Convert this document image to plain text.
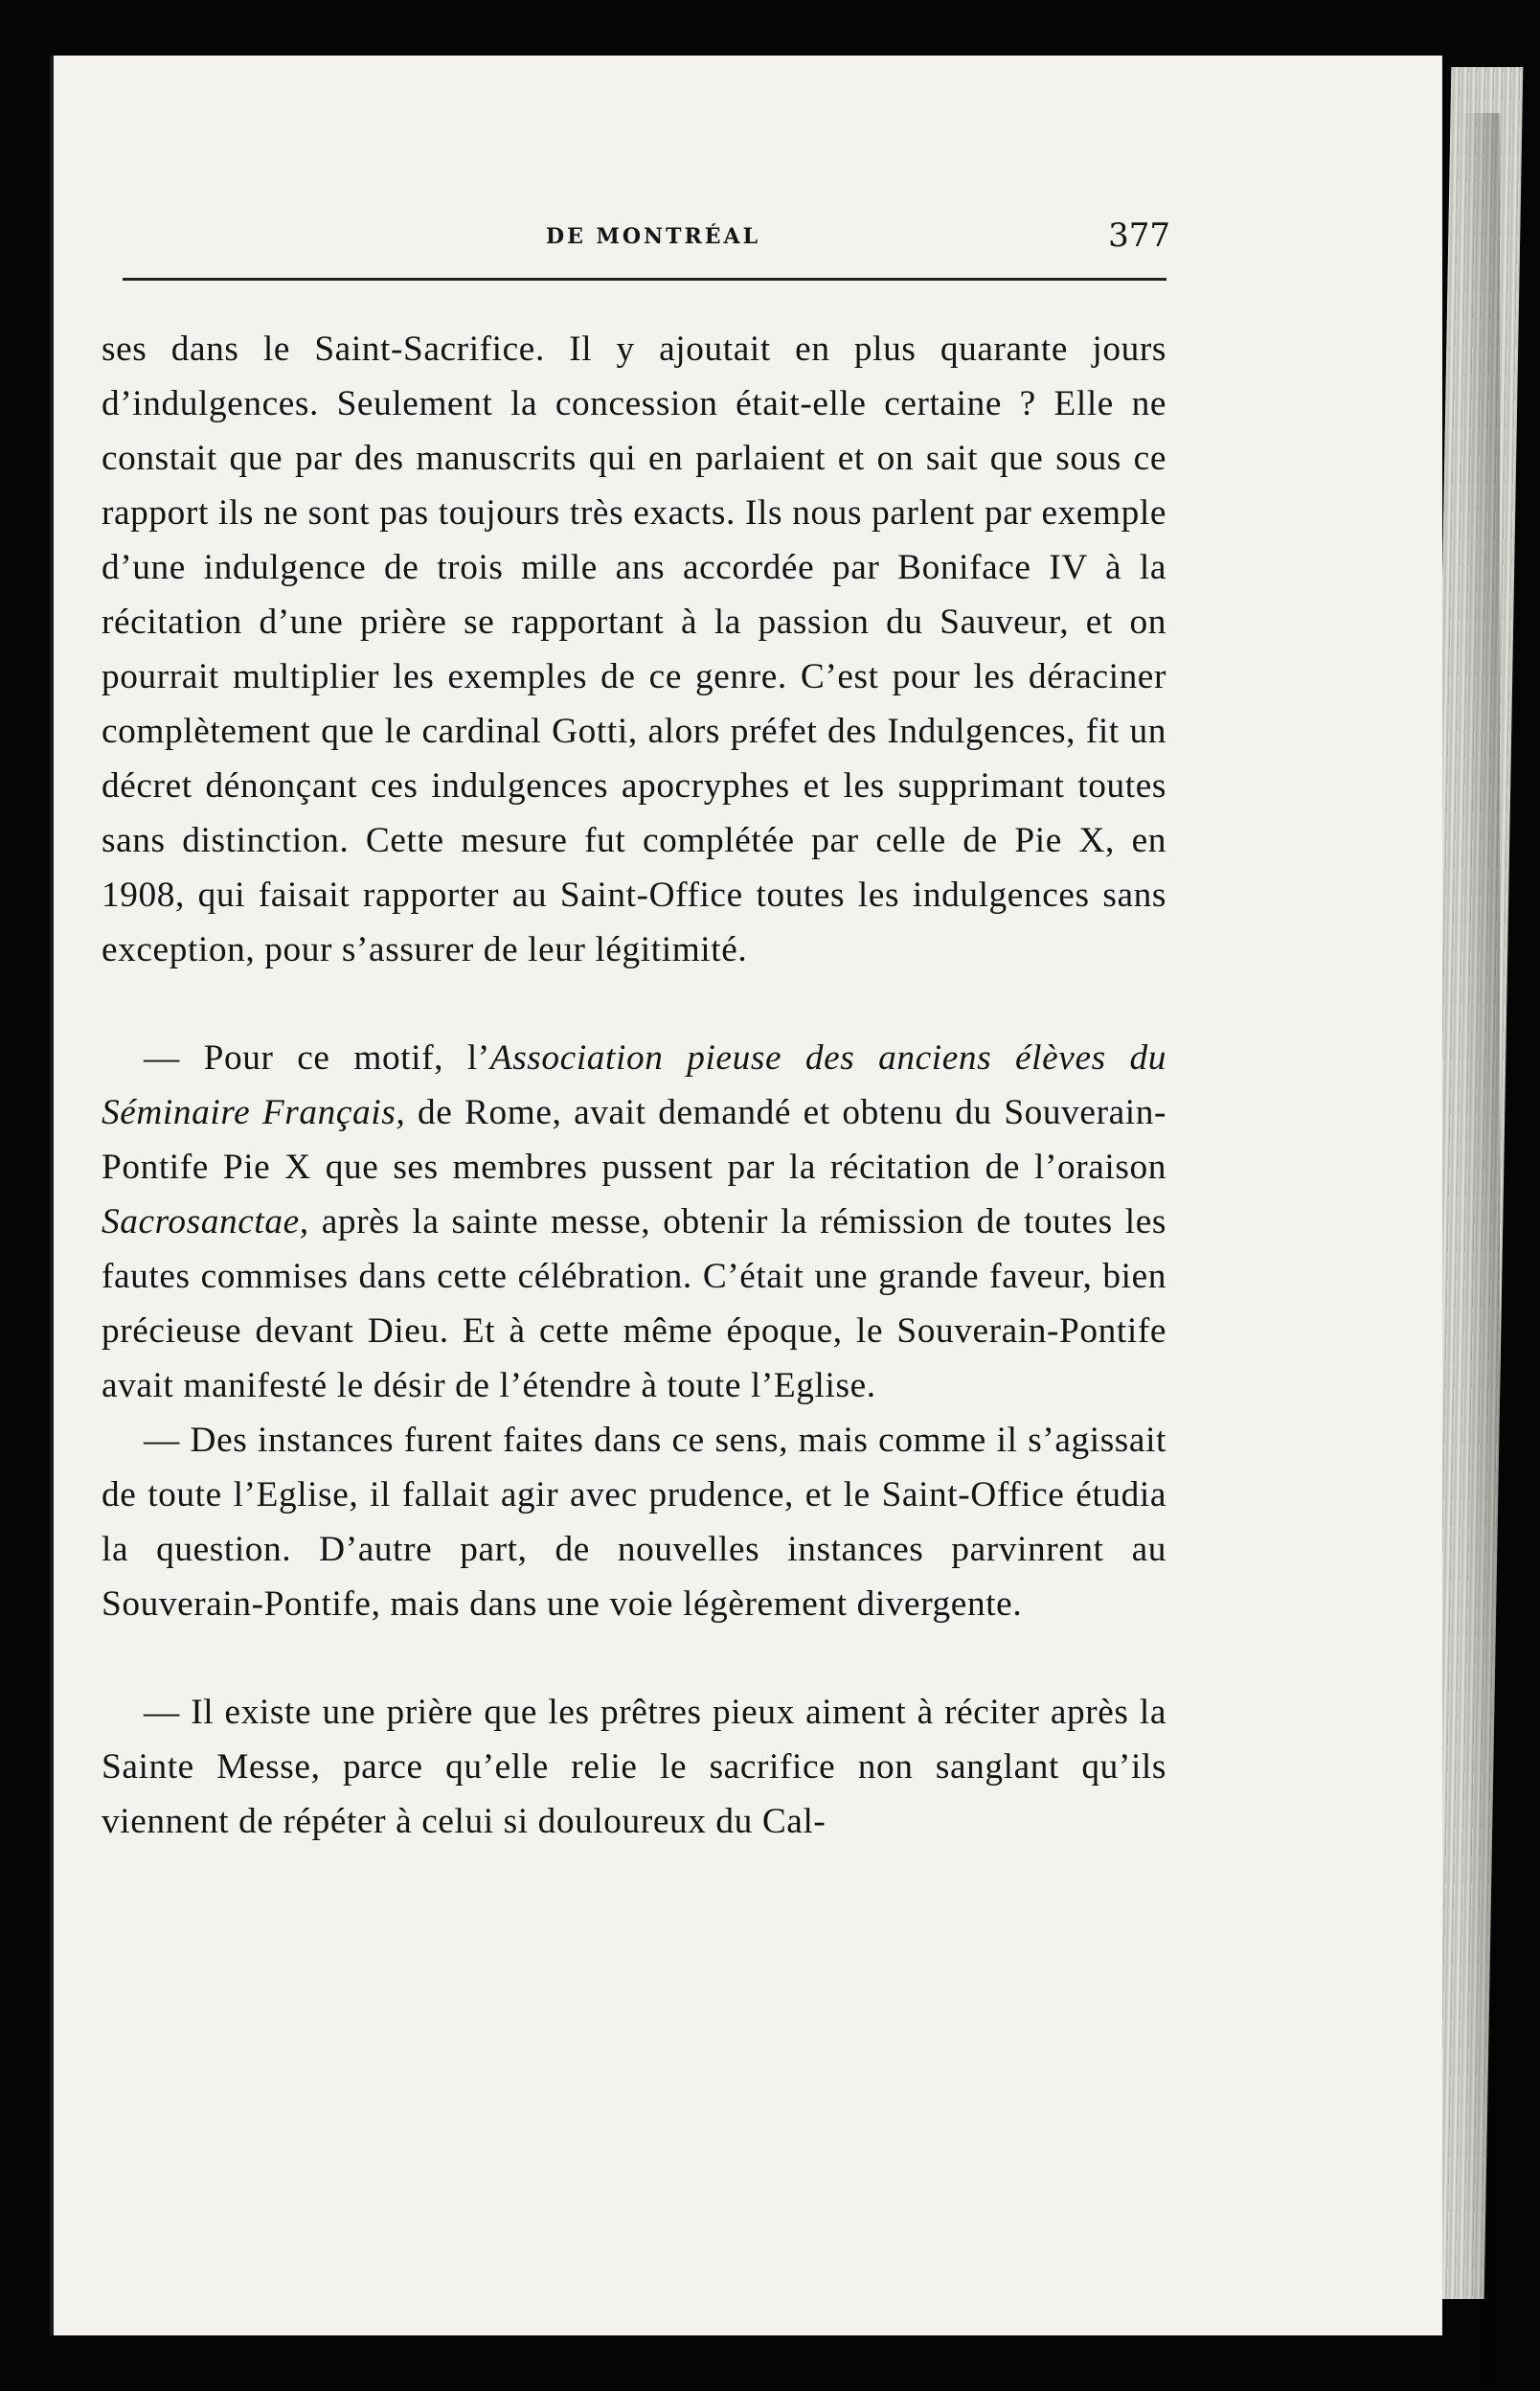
DE MONTRÉAL	377

ses dans le Saint-Sacrifice. Il y ajoutait en plus quarante jours d’indulgences. Seulement la concession était-elle certaine ? Elle ne constait que par des manuscrits qui en parlaient et on sait que sous ce rapport ils ne sont pas toujours très exacts. Ils nous parlent par exemple d’une indulgence de trois mille ans accordée par Boniface IV à la récitation d’une prière se rapportant à la passion du Sauveur, et on pourrait multiplier les exemples de ce genre. C’est pour les déraciner complètement que le cardinal Gotti, alors préfet des Indulgences, fit un décret dénonçant ces indulgences apocryphes et les supprimant toutes sans distinction. Cette mesure fut complétée par celle de Pie X, en 1908, qui faisait rapporter au Saint-Office toutes les indulgences sans exception, pour s’assurer de leur légitimité.

— Pour ce motif, l’Association pieuse des anciens élèves du Séminaire Français, de Rome, avait demandé et obtenu du Souverain-Pontife Pie X que ses membres pussent par la récitation de l’oraison Sacrosanctae, après la sainte messe, obtenir la rémission de toutes les fautes commises dans cette célébration. C’était une grande faveur, bien précieuse devant Dieu. Et à cette même époque, le Souverain-Pontife avait manifesté le désir de l’étendre à toute l’Eglise.

— Des instances furent faites dans ce sens, mais comme il s’agissait de toute l’Eglise, il fallait agir avec prudence, et le Saint-Office étudia la question. D’autre part, de nouvelles instances parvinrent au Souverain-Pontife, mais dans une voie légèrement divergente.

— Il existe une prière que les prêtres pieux aiment à réciter après la Sainte Messe, parce qu’elle relie le sacrifice non sanglant qu’ils viennent de répéter à celui si douloureux du Cal-
